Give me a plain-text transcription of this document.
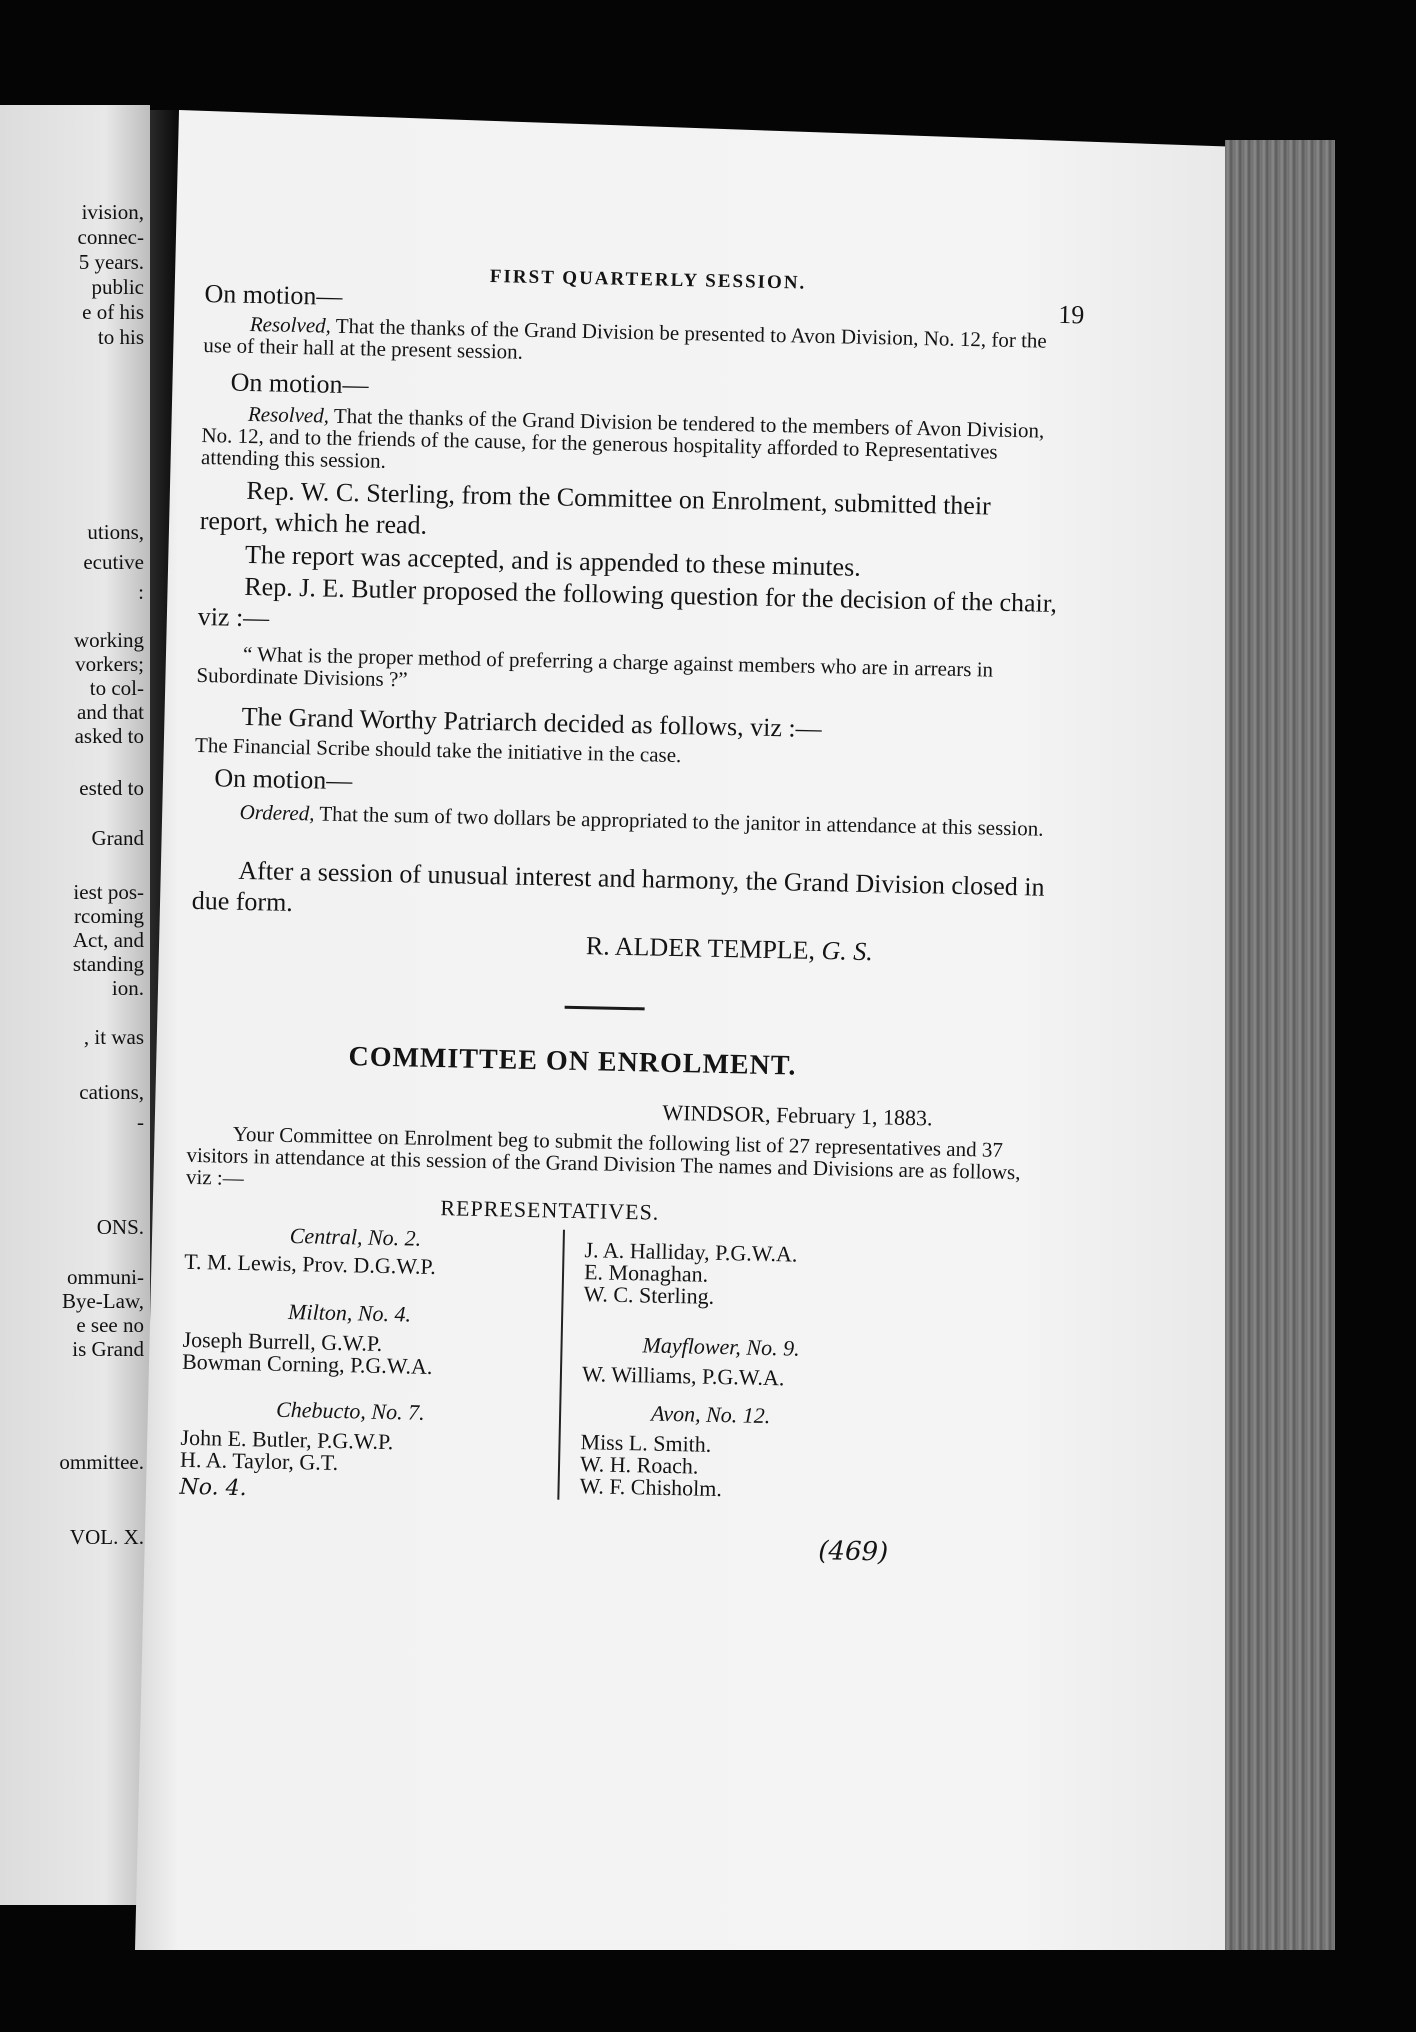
ivision,
connec-
5 years.
public
e of his
to his
utions,
ecutive
:
working
vorkers;
to col-
and that
asked to
ested to
Grand
iest pos-
rcoming
Act, and
standing
ion.
, it was
cations,
-
ONS.
ommuni-
Bye-Law,
e see no
is Grand
ommittee.
VOL. X.
FIRST QUARTERLY SESSION.
19
On motion—
Resolved, That the thanks of the Grand Division be presented to Avon Division, No. 12, for the use of their hall at the present session.
On motion—
Resolved, That the thanks of the Grand Division be tendered to the members of Avon Division, No. 12, and to the friends of the cause, for the generous hospitality afforded to Representatives attending this session.
Rep. W. C. Sterling, from the Committee on Enrolment, submitted their report, which he read.
The report was accepted, and is appended to these minutes.
Rep. J. E. Butler proposed the following question for the decision of the chair, viz :—
“ What is the proper method of preferring a charge against members who are in arrears in Subordinate Divisions ?”
The Grand Worthy Patriarch decided as follows, viz :—
The Financial Scribe should take the initiative in the case.
On motion—
Ordered, That the sum of two dollars be appropriated to the janitor in attendance at this session.
After a session of unusual interest and harmony, the Grand Division closed in due form.
R. ALDER TEMPLE, G. S.
COMMITTEE ON ENROLMENT.
WINDSOR, February 1, 1883.
Your Committee on Enrolment beg to submit the following list of 27 representatives and 37 visitors in attendance at this session of the Grand Division The names and Divisions are as follows, viz :—
REPRESENTATIVES.
Central, No. 2.
T. M. Lewis, Prov. D.G.W.P.
Milton, No. 4.
Joseph Burrell, G.W.P.
Bowman Corning, P.G.W.A.
Chebucto, No. 7.
John E. Butler, P.G.W.P.
H. A. Taylor, G.T.
No. 4.
J. A. Halliday, P.G.W.A.
E. Monaghan.
W. C. Sterling.
Mayflower, No. 9.
W. Williams, P.G.W.A.
Avon, No. 12.
Miss L. Smith.
W. H. Roach.
W. F. Chisholm.
(469)
